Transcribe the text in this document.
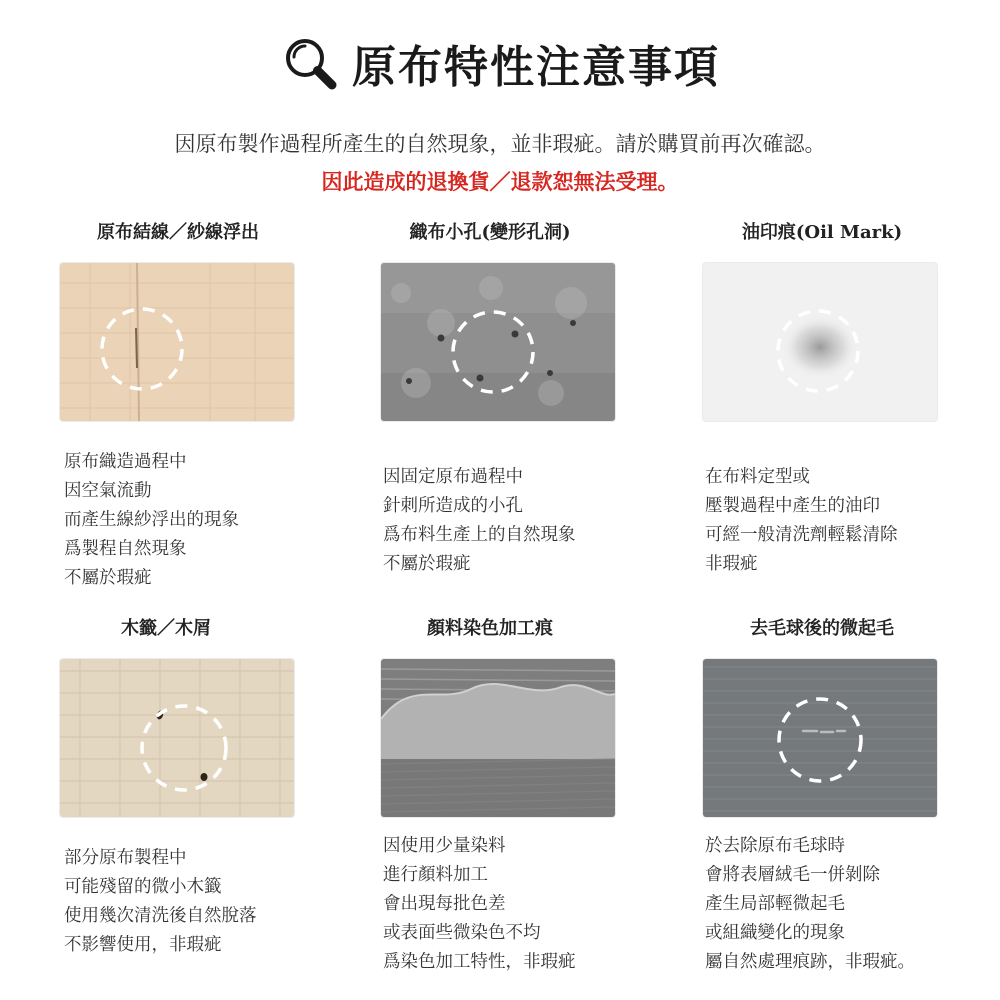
原布特性注意事項
因原布製作過程所產生的自然現象，並非瑕疵。請於購買前再次確認。
因此造成的退換貨／退款恕無法受理。
原布結線／紗線浮出
原布織造過程中
因空氣流動
而產生線紗浮出的現象
爲製程自然現象
不屬於瑕疵
織布小孔(變形孔洞)
因固定原布過程中
針刺所造成的小孔
爲布料生產上的自然現象
不屬於瑕疵
油印痕(Oil Mark)
在布料定型或
壓製過程中產生的油印
可經一般清洗劑輕鬆清除
非瑕疵
木籤／木屑
部分原布製程中
可能殘留的微小木籤
使用幾次清洗後自然脫落
不影響使用，非瑕疵
顏料染色加工痕
因使用少量染料
進行顏料加工
會出現每批色差
或表面些微染色不均
爲染色加工特性，非瑕疵
去毛球後的微起毛
於去除原布毛球時
會將表層絨毛一併剝除
產生局部輕微起毛
或組織變化的現象
屬自然處理痕跡，非瑕疵。
